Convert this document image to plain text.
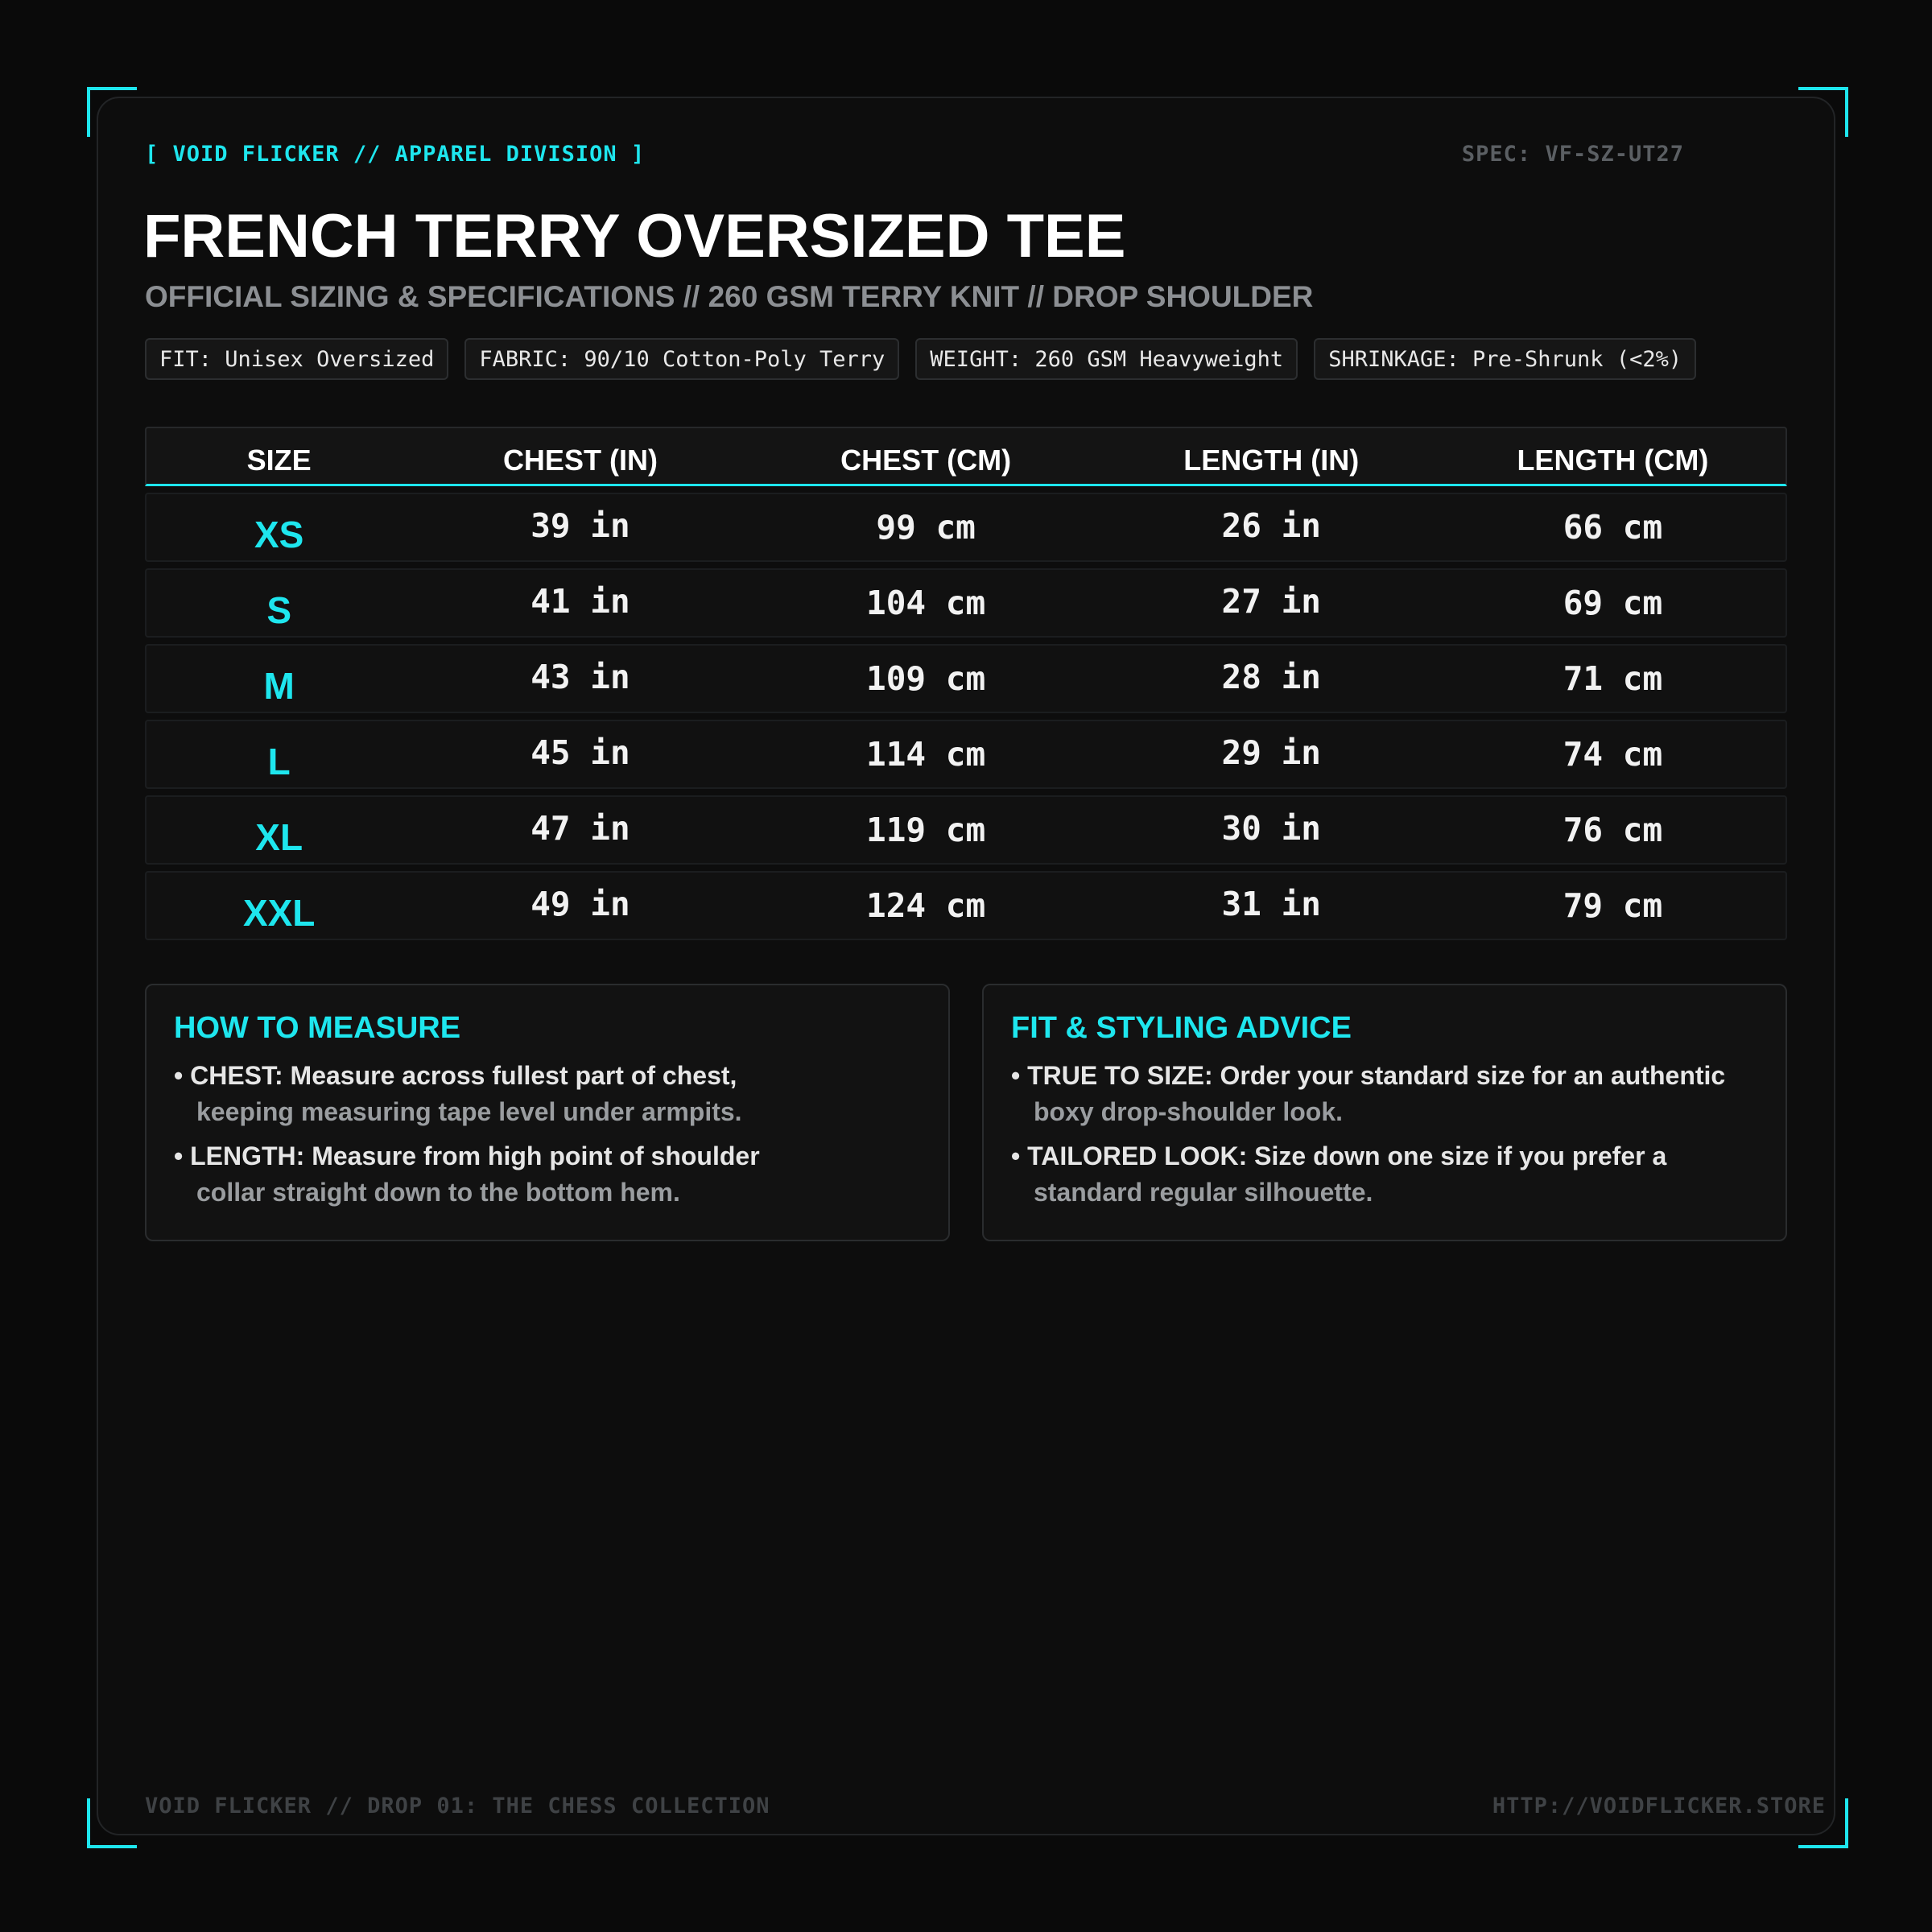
[ VOID FLICKER // APPAREL DIVISION ]	SPEC: VF-SZ-UT27
FRENCH TERRY OVERSIZED TEE
OFFICIAL SIZING & SPECIFICATIONS // 260 GSM TERRY KNIT // DROP SHOULDER
FIT: Unisex Oversized	FABRIC: 90/10 Cotton-Poly Terry	WEIGHT: 260 GSM Heavyweight	SHRINKAGE: Pre-Shrunk (<2%)
SIZE	CHEST (IN)	CHEST (CM)	LENGTH (IN)	LENGTH (CM)
XS	39 in	99 cm	26 in	66 cm
S	41 in	104 cm	27 in	69 cm
M	43 in	109 cm	28 in	71 cm
L	45 in	114 cm	29 in	74 cm
XL	47 in	119 cm	30 in	76 cm
XXL	49 in	124 cm	31 in	79 cm
HOW TO MEASURE
• CHEST: Measure across fullest part of chest,
keeping measuring tape level under armpits.
• LENGTH: Measure from high point of shoulder
collar straight down to the bottom hem.
FIT & STYLING ADVICE
• TRUE TO SIZE: Order your standard size for an authentic
boxy drop-shoulder look.
• TAILORED LOOK: Size down one size if you prefer a
standard regular silhouette.
VOID FLICKER // DROP 01: THE CHESS COLLECTION	HTTP://VOIDFLICKER.STORE
